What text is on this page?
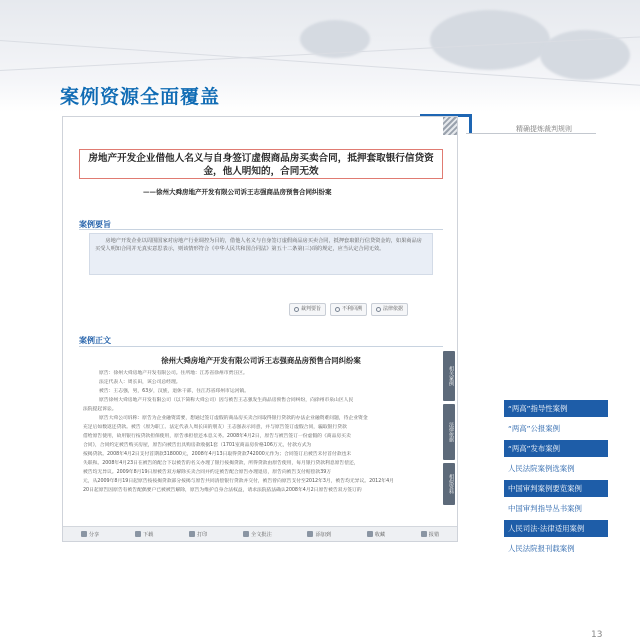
案例资源全面覆盖
精确提炼裁判规则
房地产开发企业借他人名义与自身签订虚假商品房买卖合同，抵押套取银行信贷资金，他人明知的，合同无效
——徐州大舜房地产开发有限公司诉王志强商品房预售合同纠纷案
案例要旨
房地产开发企业以周围国家对房地产行业调控为目的，借他人名义与自身签订虚假商品房买卖合同，抵押套取银行信贷资金的，如果商品房买受人明知合同并无真实意思表示，则该情形符合《中华人民共和国合同法》第五十二条第(三)项的规定，应当认定合同无效。
裁判要旨	不利回溯	法律依据
案例正文
徐州大舜房地产开发有限公司诉王志强商品房预售合同纠纷案
原告：徐州大舜房地产开发有限公司。住所地：江苏省徐州市贾汪区。
法定代表人：周长田，该公司总经理。
被告：王志强，男，63岁，汉族，退休干部，住江苏省邳州市运河镇。
原告徐州大舜房地产开发有限公司（以下简称大舜公司）因与被告王志强发生商品房预售合同纠纷，向徐州市泉山区人民
法院提起诉讼。
原告大舜公司诉称：原告为企业融资需要，想通过签订虚假的商品房买卖合同取得银行贷款的办法企业融资难问题，待企业资金
充足后如数返还贷款。被告（原为职工、法定代表人周长田的朋友）王志强表示同意，并与原告签订虚假合同，骗取银行贷款
借给原告使用，故用银行按贷款担保使用，原告承担偿还本息义务。2008年4月2日，原告与被告签订一份虚假的《商品房买卖
合同》，合同约定被告购买房屋，原告向被告出具购房款收据1套（1701室商品房价格106万元，付款方式为
按揭贷款。2008年4月2日支付首期款318000元，2008年4月13日取得贷款742000元作为；合同签订后被告未付首付款也未
失联和。2008年4月23日在被告的配合下以被告的名义办理了银行按揭贷款，所得贷款由原告使用，每月银行贷款利息原告偿还，
被告均无异议。2009年8月19日原被告双方解除买卖合同并约定被告配合原告办理退房，原告向被告支付赔偿款39万
元，从2009年8月19日起原告按按揭贷款部分按揭与原告共同清偿银行贷款并交付，被告曾向原告支付至2012年3月，被告均无异议。2012年4月
20日起原告因原告有被告配偶要户已被被告解除，原告为维护自身合法权益，请求法院依法确认2008年4月2日原告被告双方签订的
相关案例
法律依据
相似资料
分享	下载	打印	全文批注	添加到	收藏	报错
“两高”指导性案例
“两高”公报案例
“两高”发布案例
人民法院案例选案例
中国审判案例要览案例
中国审判指导丛书案例
人民司法·法律适用案例
人民法院报刊载案例
13
